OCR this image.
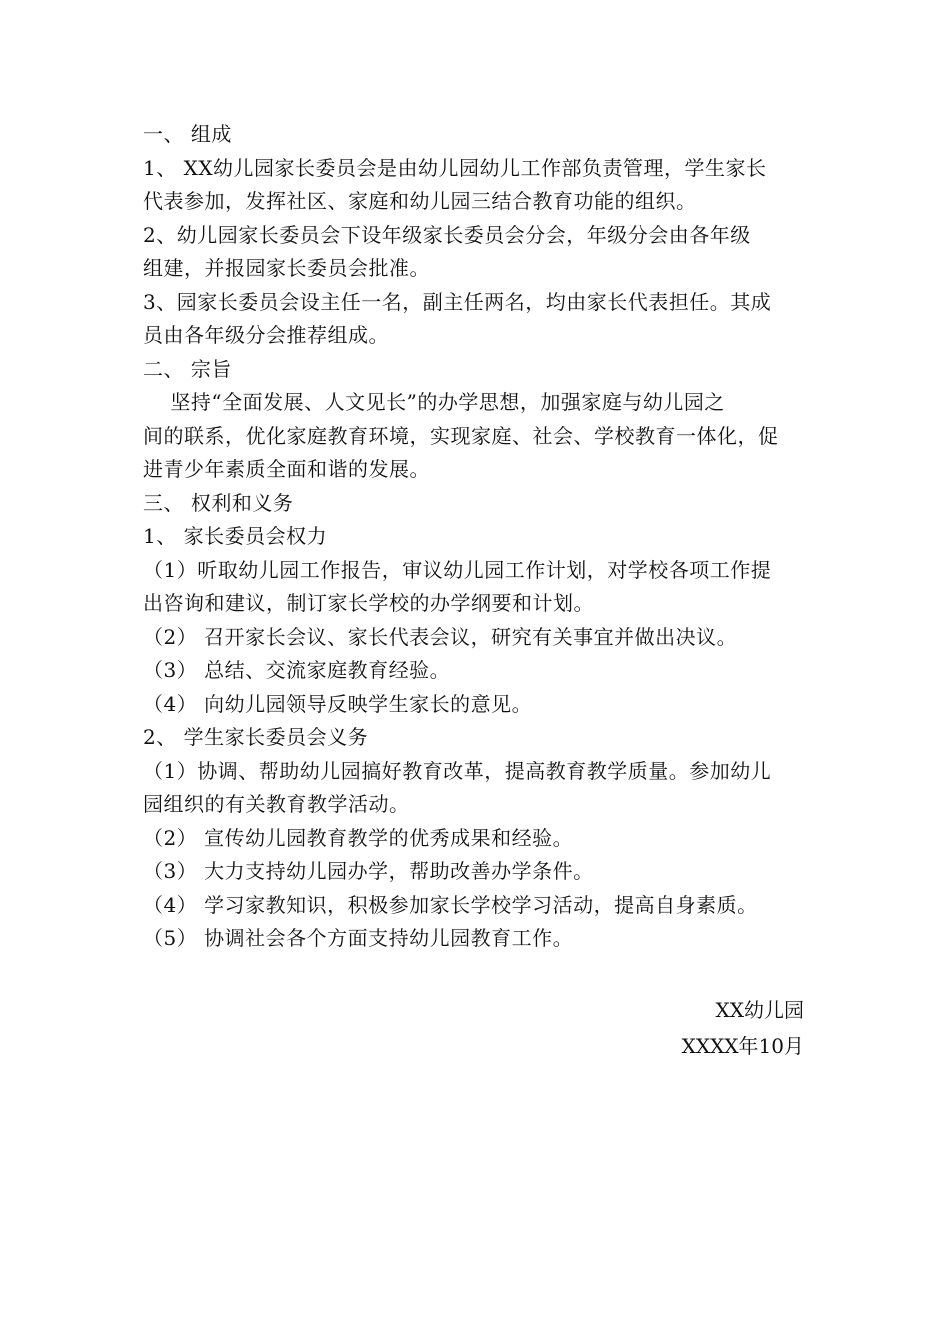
一、 组成
1、 XX幼儿园家长委员会是由幼儿园幼儿工作部负责管理，学生家长
代表参加，发挥社区、家庭和幼儿园三结合教育功能的组织。
2、幼儿园家长委员会下设年级家长委员会分会，年级分会由各年级
组建，并报园家长委员会批准。
3、园家长委员会设主任一名，副主任两名，均由家长代表担任。其成
员由各年级分会推荐组成。
二、 宗旨
坚持“全面发展、人文见长”的办学思想，加强家庭与幼儿园之
间的联系，优化家庭教育环境，实现家庭、社会、学校教育一体化，促
进青少年素质全面和谐的发展。
三、 权利和义务
1、 家长委员会权力
（1）听取幼儿园工作报告，审议幼儿园工作计划，对学校各项工作提
出咨询和建议，制订家长学校的办学纲要和计划。
（2） 召开家长会议、家长代表会议，研究有关事宜并做出决议。
（3） 总结、交流家庭教育经验。
（4） 向幼儿园领导反映学生家长的意见。
2、 学生家长委员会义务
（1）协调、帮助幼儿园搞好教育改革，提高教育教学质量。参加幼儿
园组织的有关教育教学活动。
（2） 宣传幼儿园教育教学的优秀成果和经验。
（3） 大力支持幼儿园办学，帮助改善办学条件。
（4） 学习家教知识，积极参加家长学校学习活动，提高自身素质。
（5） 协调社会各个方面支持幼儿园教育工作。
XX幼儿园
XXXX年10月
